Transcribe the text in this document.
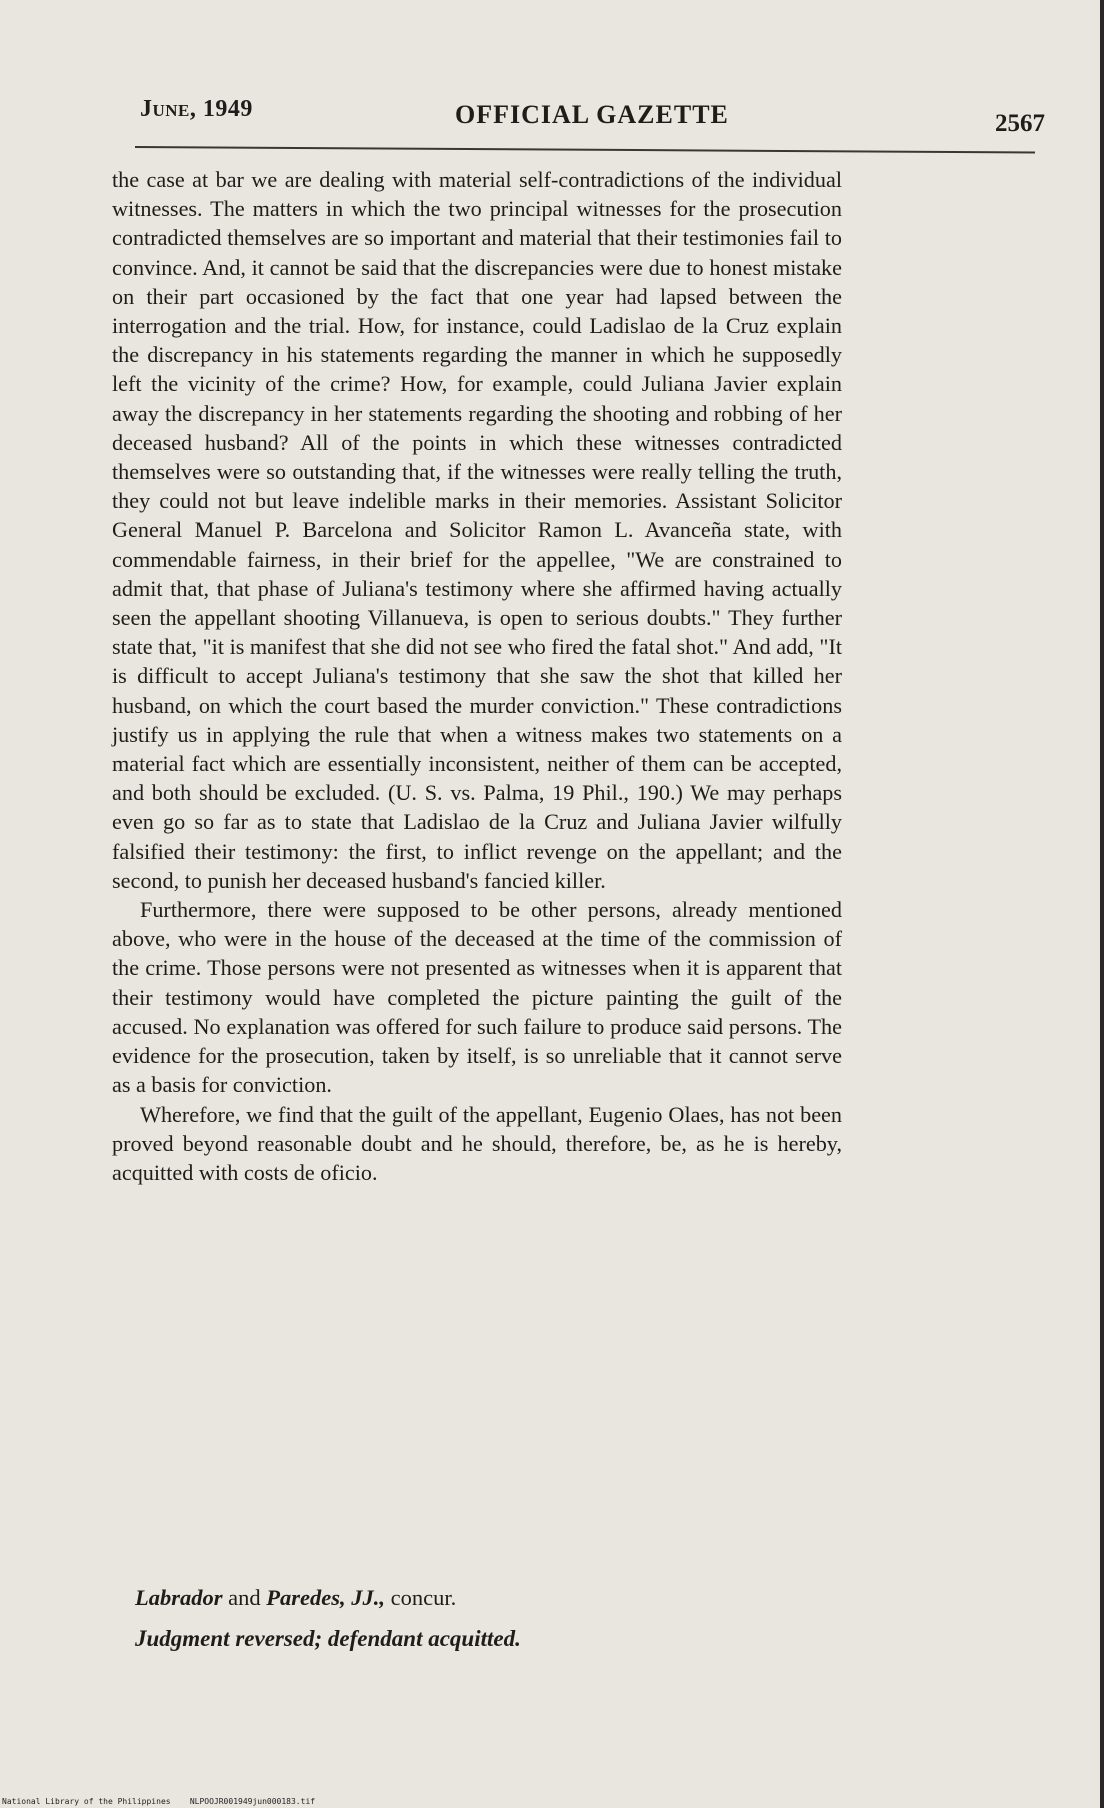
June, 1949	OFFICIAL GAZETTE	2567

the case at bar we are dealing with material self-contradictions of the individual witnesses. The matters in which the two principal witnesses for the prosecution contradicted themselves are so important and material that their testimonies fail to convince. And, it cannot be said that the discrepancies were due to honest mistake on their part occasioned by the fact that one year had lapsed between the interrogation and the trial. How, for instance, could Ladislao de la Cruz explain the discrepancy in his statements regarding the manner in which he supposedly left the vicinity of the crime? How, for example, could Juliana Javier explain away the discrepancy in her statements regarding the shooting and robbing of her deceased husband? All of the points in which these witnesses contradicted themselves were so outstanding that, if the witnesses were really telling the truth, they could not but leave indelible marks in their memories. Assistant Solicitor General Manuel P. Barcelona and Solicitor Ramon L. Avanceña state, with commendable fairness, in their brief for the appellee, "We are constrained to admit that, that phase of Juliana's testimony where she affirmed having actually seen the appellant shooting Villanueva, is open to serious doubts." They further state that, "it is manifest that she did not see who fired the fatal shot." And add, "It is difficult to accept Juliana's testimony that she saw the shot that killed her husband, on which the court based the murder conviction." These contradictions justify us in applying the rule that when a witness makes two statements on a material fact which are essentially inconsistent, neither of them can be accepted, and both should be excluded. (U. S. vs. Palma, 19 Phil., 190.) We may perhaps even go so far as to state that Ladislao de la Cruz and Juliana Javier wilfully falsified their testimony: the first, to inflict revenge on the appellant; and the second, to punish her deceased husband's fancied killer.

Furthermore, there were supposed to be other persons, already mentioned above, who were in the house of the deceased at the time of the commission of the crime. Those persons were not presented as witnesses when it is apparent that their testimony would have completed the picture painting the guilt of the accused. No explanation was offered for such failure to produce said persons. The evidence for the prosecution, taken by itself, is so unreliable that it cannot serve as a basis for conviction.

Wherefore, we find that the guilt of the appellant, Eugenio Olaes, has not been proved beyond reasonable doubt and he should, therefore, be, as he is hereby, acquitted with costs de oficio.

Labrador and Paredes, JJ., concur.
Judgment reversed; defendant acquitted.
National Library of the Philippines NLPOOJR001949jun000183.tif
